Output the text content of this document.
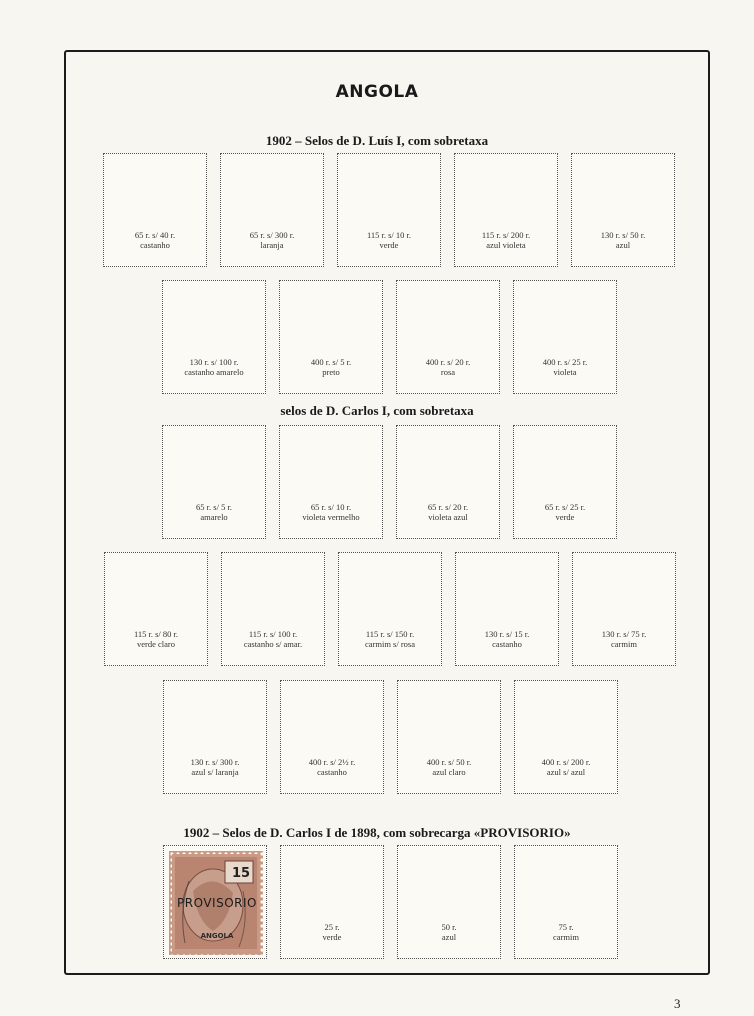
ANGOLA
1902 – Selos de D. Luís I, com sobretaxa
selos de D. Carlos I, com sobretaxa
1902 – Selos de D. Carlos I de 1898, com sobrecarga «PROVISORIO»
65 r. s/ 40 r.
castanho
65 r. s/ 300 r.
laranja
115 r. s/ 10 r.
verde
115 r. s/ 200 r.
azul violeta
130 r. s/ 50 r.
azul
130 r. s/ 100 r.
castanho amarelo
400 r. s/ 5 r.
preto
400 r. s/ 20 r.
rosa
400 r. s/ 25 r.
violeta
65 r. s/ 5 r.
amarelo
65 r. s/ 10 r.
violeta vermelho
65 r. s/ 20 r.
violeta azul
65 r. s/ 25 r.
verde
115 r. s/ 80 r.
verde claro
115 r. s/ 100 r.
castanho s/ amar.
115 r. s/ 150 r.
carmim s/ rosa
130 r. s/ 15 r.
castanho
130 r. s/ 75 r.
carmim
130 r. s/ 300 r.
azul s/ laranja
400 r. s/ 2½ r.
castanho
400 r. s/ 50 r.
azul claro
400 r. s/ 200 r.
azul s/ azul
15
PROVISORIO
ANGOLA
25 r.
verde
50 r.
azul
75 r.
carmim
3
